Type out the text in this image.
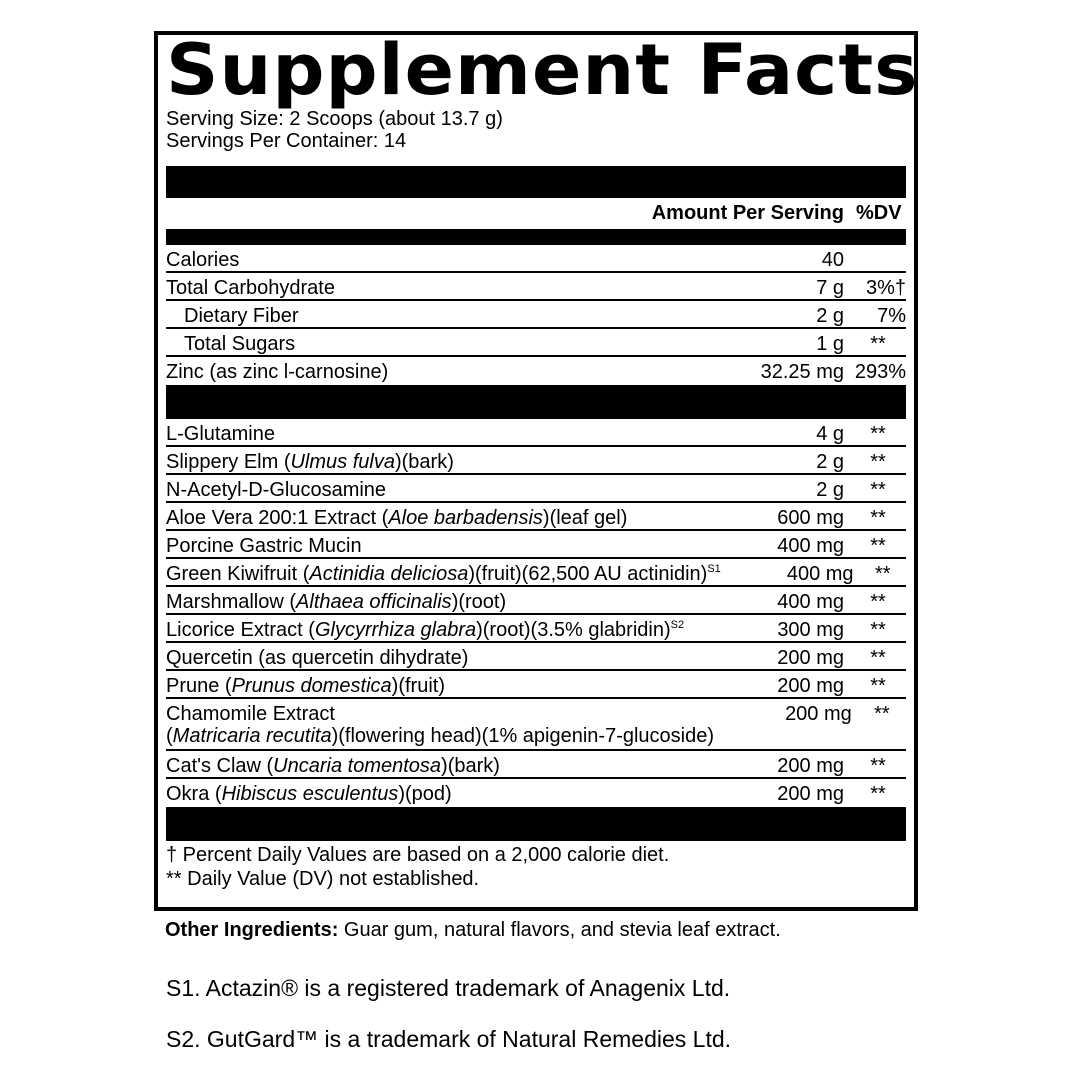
Supplement Facts
Serving Size: 2 Scoops (about 13.7 g)
Servings Per Container: 14
Amount Per Serving %DV
Calories	40
Total Carbohydrate	7 g	3%†
Dietary Fiber	2 g	7%
Total Sugars	1 g	**
Zinc (as zinc l-carnosine)	32.25 mg 293%
L-Glutamine	4 g	**
Slippery Elm (Ulmus fulva)(bark)	2 g	**
N-Acetyl-D-Glucosamine	2 g	**
Aloe Vera 200:1 Extract (Aloe barbadensis)(leaf gel)	600 mg	**
Porcine Gastric Mucin	400 mg	**
Green Kiwifruit (Actinidia deliciosa)(fruit)(62,500 AU actinidin)$^{S1}$	400 mg	**
Marshmallow (Althaea officinalis)(root)	400 mg	**
Licorice Extract (Glycyrrhiza glabra)(root)(3.5% glabridin)$^{S2}$	300 mg	**
Quercetin (as quercetin dihydrate)	200 mg	**
Prune (Prunus domestica)(fruit)	200 mg	**
Chamomile Extract
(Matricaria recutita)(flowering head)(1% apigenin-7-glucoside)
200 mg	**
Cat's Claw (Uncaria tomentosa)(bark)	200 mg	**
Okra (Hibiscus esculentus)(pod)	200 mg	**
† Percent Daily Values are based on a 2,000 calorie diet.
** Daily Value (DV) not established.
Other Ingredients: Guar gum, natural flavors, and stevia leaf extract.
S1. Actazin® is a registered trademark of Anagenix Ltd.
S2. GutGard™ is a trademark of Natural Remedies Ltd.
